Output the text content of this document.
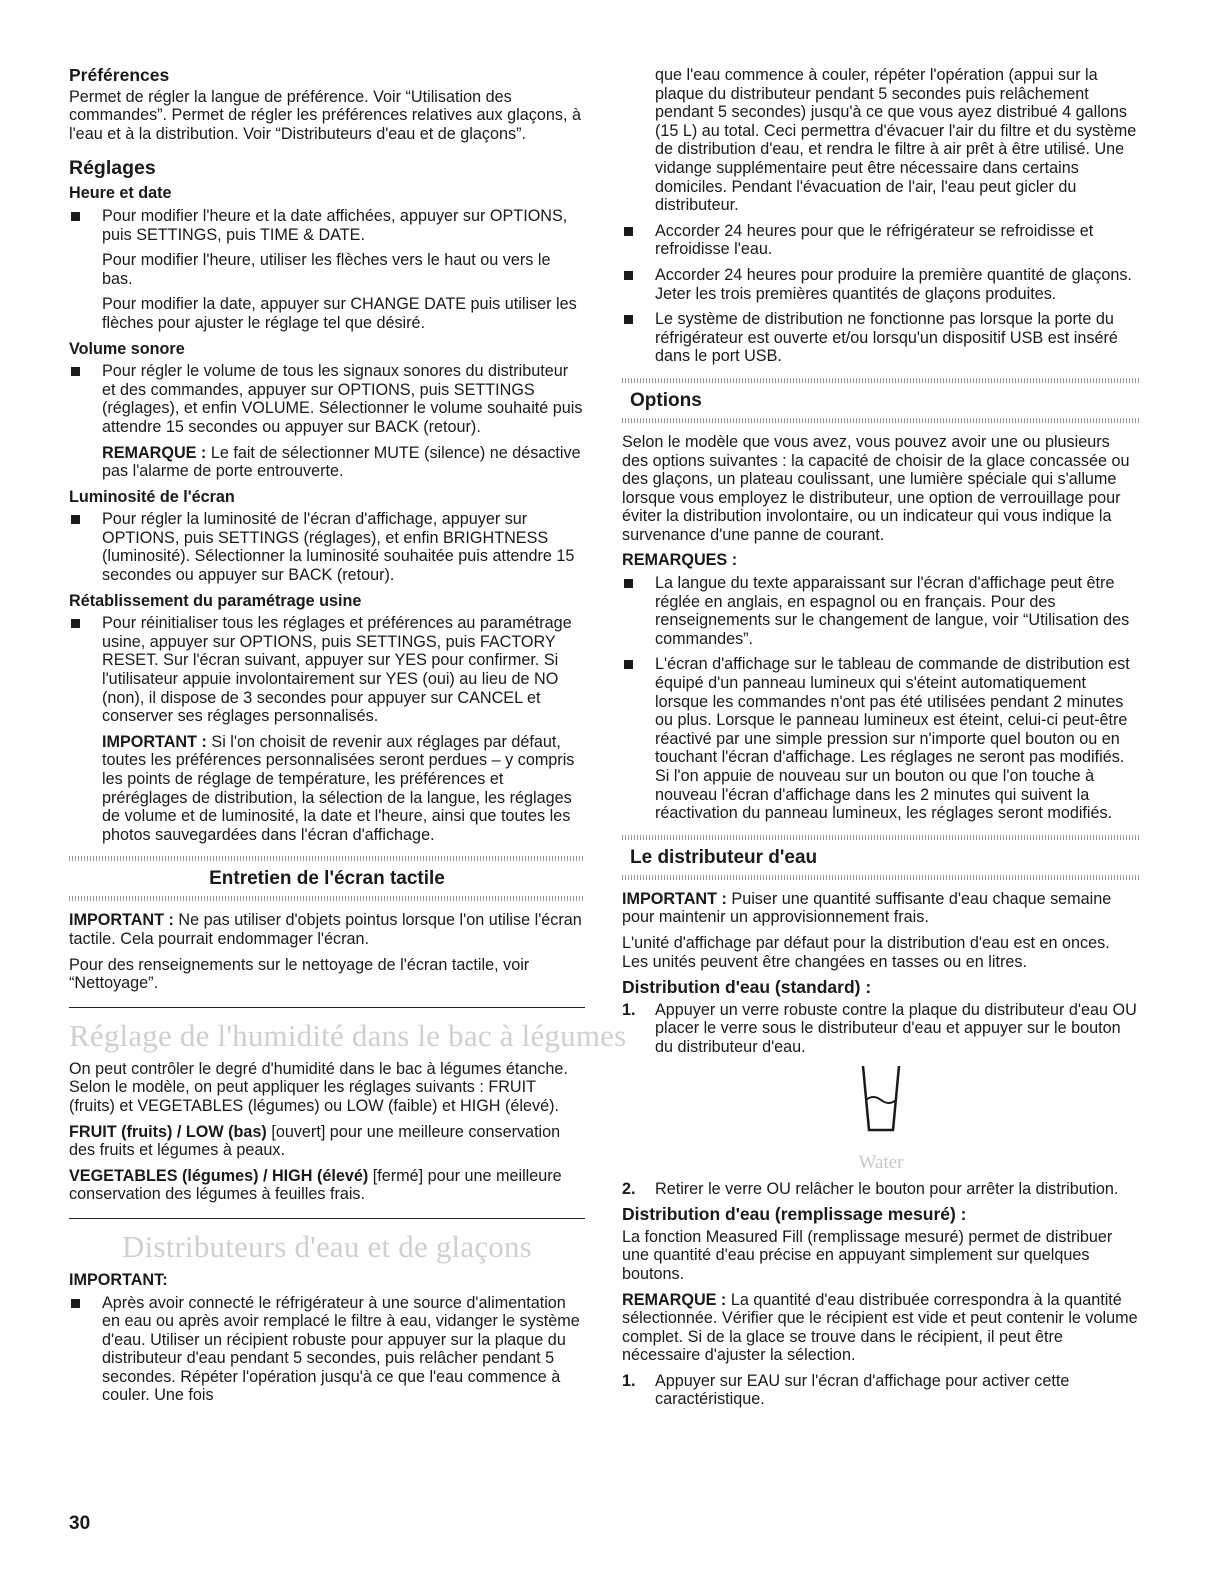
Préférences

Permet de régler la langue de préférence. Voir “Utilisation des commandes”. Permet de régler les préférences relatives aux glaçons, à l'eau et à la distribution. Voir “Distributeurs d'eau et de glaçons”.

Réglages
Heure et date
Pour modifier l'heure et la date affichées, appuyer sur OPTIONS, puis SETTINGS, puis TIME & DATE.

Pour modifier l'heure, utiliser les flèches vers le haut ou vers le bas.

Pour modifier la date, appuyer sur CHANGE DATE puis utiliser les flèches pour ajuster le réglage tel que désiré.

Volume sonore
Pour régler le volume de tous les signaux sonores du distributeur et des commandes, appuyer sur OPTIONS, puis SETTINGS (réglages), et enfin VOLUME. Sélectionner le volume souhaité puis attendre 15 secondes ou appuyer sur BACK (retour).

REMARQUE : Le fait de sélectionner MUTE (silence) ne désactive pas l'alarme de porte entrouverte.

Luminosité de l'écran
Pour régler la luminosité de l'écran d'affichage, appuyer sur OPTIONS, puis SETTINGS (réglages), et enfin BRIGHTNESS (luminosité). Sélectionner la luminosité souhaitée puis attendre 15 secondes ou appuyer sur BACK (retour).
Rétablissement du paramétrage usine
Pour réinitialiser tous les réglages et préférences au paramétrage usine, appuyer sur OPTIONS, puis SETTINGS, puis FACTORY RESET. Sur l'écran suivant, appuyer sur YES pour confirmer. Si l'utilisateur appuie involontairement sur YES (oui) au lieu de NO (non), il dispose de 3 secondes pour appuyer sur CANCEL et conserver ses réglages personnalisés.

IMPORTANT : Si l'on choisit de revenir aux réglages par défaut, toutes les préférences personnalisées seront perdues – y compris les points de réglage de température, les préférences et préréglages de distribution, la sélection de la langue, les réglages de volume et de luminosité, la date et l'heure, ainsi que toutes les photos sauvegardées dans l'écran d'affichage.

Entretien de l'écran tactile

IMPORTANT : Ne pas utiliser d'objets pointus lorsque l'on utilise l'écran tactile. Cela pourrait endommager l'écran.

Pour des renseignements sur le nettoyage de l'écran tactile, voir “Nettoyage”.

Réglage de l'humidité dans le bac à légumes

On peut contrôler le degré d'humidité dans le bac à légumes étanche. Selon le modèle, on peut appliquer les réglages suivants : FRUIT (fruits) et VEGETABLES (légumes) ou LOW (faible) et HIGH (élevé).

FRUIT (fruits) / LOW (bas) [ouvert] pour une meilleure conservation des fruits et légumes à peaux.

VEGETABLES (légumes) / HIGH (élevé) [fermé] pour une meilleure conservation des légumes à feuilles frais.

Distributeurs d'eau et de glaçons
IMPORTANT:
Après avoir connecté le réfrigérateur à une source d'alimentation en eau ou après avoir remplacé le filtre à eau, vidanger le système d'eau. Utiliser un récipient robuste pour appuyer sur la plaque du distributeur d'eau pendant 5 secondes, puis relâcher pendant 5 secondes. Répéter l'opération jusqu'à ce que l'eau commence à couler. Une fois

que l'eau commence à couler, répéter l'opération (appui sur la plaque du distributeur pendant 5 secondes puis relâchement pendant 5 secondes) jusqu'à ce que vous ayez distribué 4 gallons (15 L) au total. Ceci permettra d'évacuer l'air du filtre et du système de distribution d'eau, et rendra le filtre à air prêt à être utilisé. Une vidange supplémentaire peut être nécessaire dans certains domiciles. Pendant l'évacuation de l'air, l'eau peut gicler du distributeur.

Accorder 24 heures pour que le réfrigérateur se refroidisse et refroidisse l'eau.
Accorder 24 heures pour produire la première quantité de glaçons. Jeter les trois premières quantités de glaçons produites.
Le système de distribution ne fonctionne pas lorsque la porte du réfrigérateur est ouverte et/ou lorsqu'un dispositif USB est inséré dans le port USB.
Options

Selon le modèle que vous avez, vous pouvez avoir une ou plusieurs des options suivantes : la capacité de choisir de la glace concassée ou des glaçons, un plateau coulissant, une lumière spéciale qui s'allume lorsque vous employez le distributeur, une option de verrouillage pour éviter la distribution involontaire, ou un indicateur qui vous indique la survenance d'une panne de courant.

REMARQUES :
La langue du texte apparaissant sur l'écran d'affichage peut être réglée en anglais, en espagnol ou en français. Pour des renseignements sur le changement de langue, voir “Utilisation des commandes”.
L'écran d'affichage sur le tableau de commande de distribution est équipé d'un panneau lumineux qui s'éteint automatiquement lorsque les commandes n'ont pas été utilisées pendant 2 minutes ou plus. Lorsque le panneau lumineux est éteint, celui-ci peut-être réactivé par une simple pression sur n'importe quel bouton ou en touchant l'écran d'affichage. Les réglages ne seront pas modifiés. Si l'on appuie de nouveau sur un bouton ou que l'on touche à nouveau l'écran d'affichage dans les 2 minutes qui suivent la réactivation du panneau lumineux, les réglages seront modifiés.
Le distributeur d'eau

IMPORTANT : Puiser une quantité suffisante d'eau chaque semaine pour maintenir un approvisionnement frais.

L'unité d'affichage par défaut pour la distribution d'eau est en onces. Les unités peuvent être changées en tasses ou en litres.

Distribution d'eau (standard) :
1. Appuyer un verre robuste contre la plaque du distributeur d'eau OU placer le verre sous le distributeur d'eau et appuyer sur le bouton du distributeur d'eau.
Water
2. Retirer le verre OU relâcher le bouton pour arrêter la distribution.
Distribution d'eau (remplissage mesuré) :

La fonction Measured Fill (remplissage mesuré) permet de distribuer une quantité d'eau précise en appuyant simplement sur quelques boutons.

REMARQUE : La quantité d'eau distribuée correspondra à la quantité sélectionnée. Vérifier que le récipient est vide et peut contenir le volume complet. Si de la glace se trouve dans le récipient, il peut être nécessaire d'ajuster la sélection.

1. Appuyer sur EAU sur l'écran d'affichage pour activer cette caractéristique.
30
